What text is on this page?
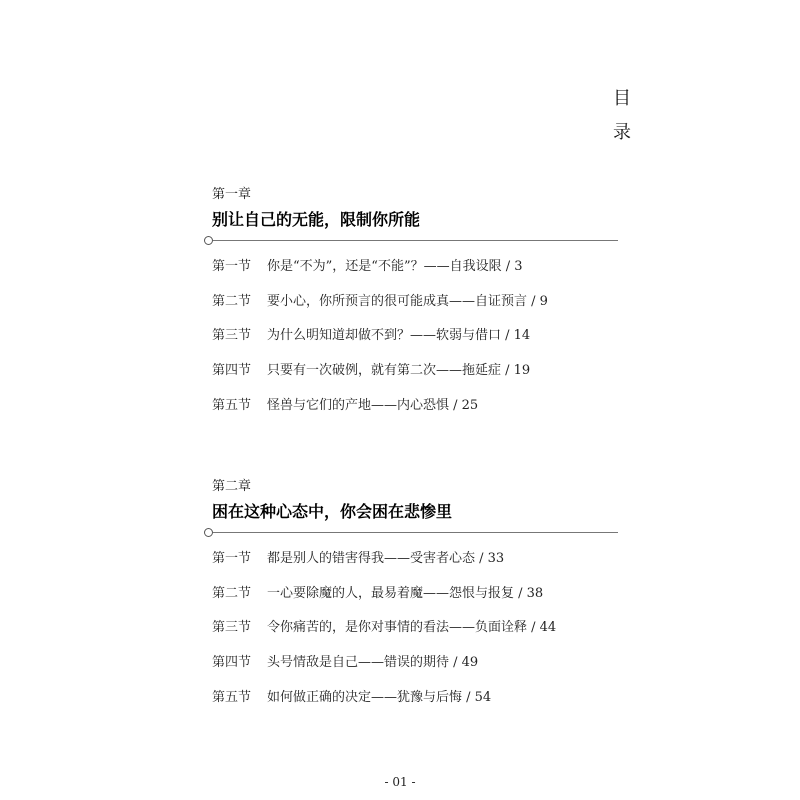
目
录
第一章
别让自己的无能，限制你所能
第一节	你是“不为”，还是“不能”？——自我设限 / 3
第二节	要小心，你所预言的很可能成真——自证预言 / 9
第三节	为什么明知道却做不到？——软弱与借口 / 14
第四节	只要有一次破例，就有第二次——拖延症 / 19
第五节	怪兽与它们的产地——内心恐惧 / 25
第二章
困在这种心态中，你会困在悲惨里
第一节	都是别人的错害得我——受害者心态 / 33
第二节	一心要除魔的人，最易着魔——怨恨与报复 / 38
第三节	令你痛苦的，是你对事情的看法——负面诠释 / 44
第四节	头号情敌是自己——错误的期待 / 49
第五节	如何做正确的决定——犹豫与后悔 / 54
- 01 -
